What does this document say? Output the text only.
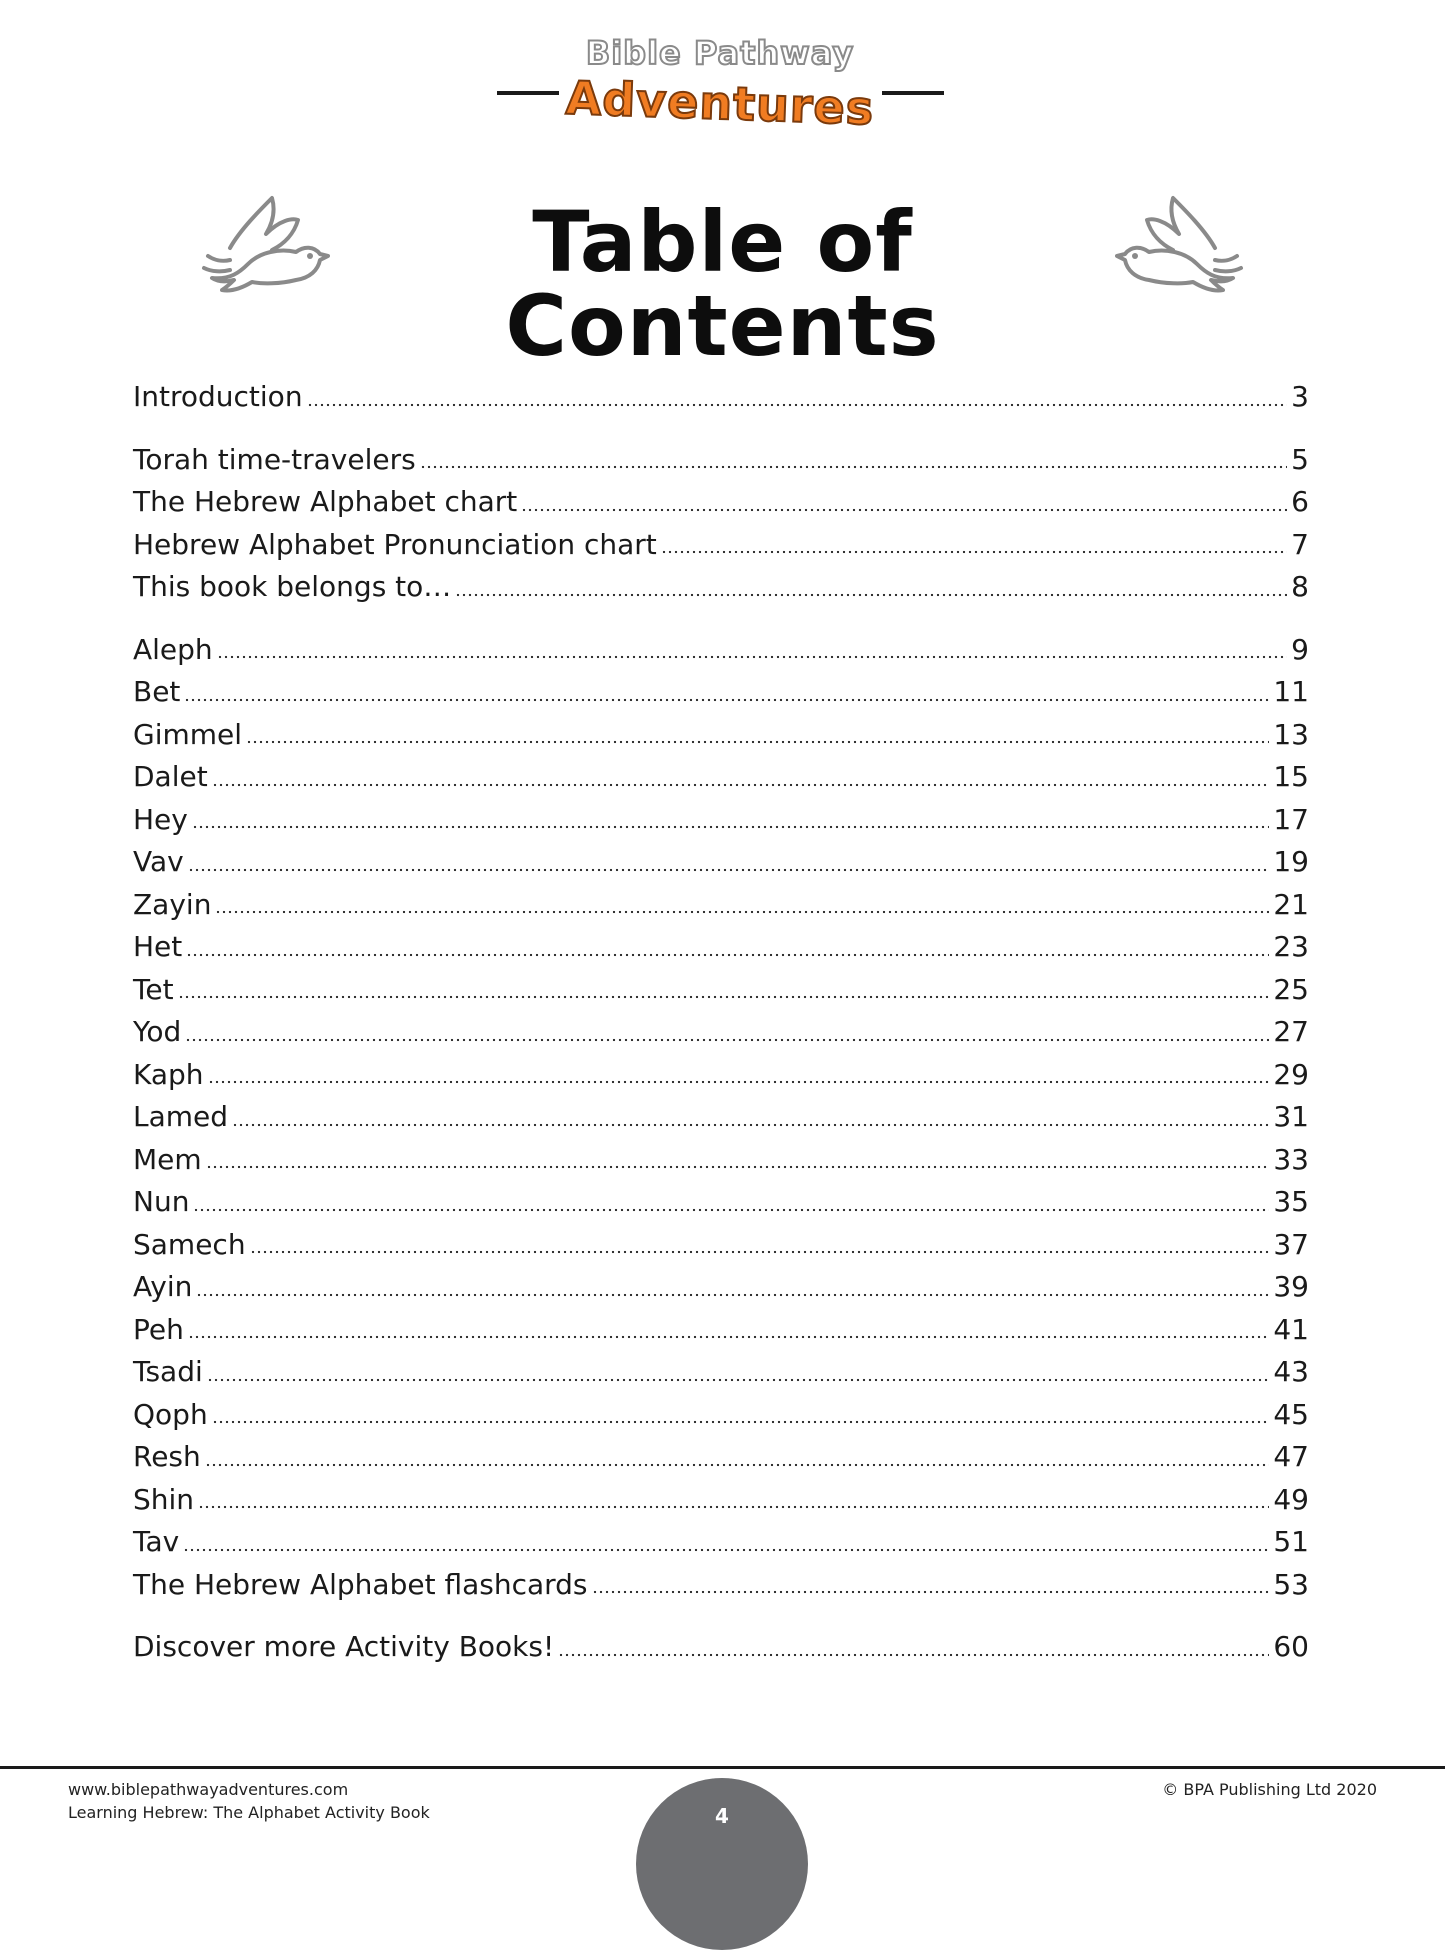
Bible Pathway
Adventures
Table of Contents
Introduction	3
Torah time-travelers	5
The Hebrew Alphabet chart	6
Hebrew Alphabet Pronunciation chart	7
This book belongs to…	8
Aleph	9
Bet	11
Gimmel	13
Dalet	15
Hey	17
Vav	19
Zayin	21
Het	23
Tet	25
Yod	27
Kaph	29
Lamed	31
Mem	33
Nun	35
Samech	37
Ayin	39
Peh	41
Tsadi	43
Qoph	45
Resh	47
Shin	49
Tav	51
The Hebrew Alphabet flashcards	53
Discover more Activity Books!	60
www.biblepathwayadventures.com
Learning Hebrew: The Alphabet Activity Book	4
© BPA Publishing Ltd 2020
